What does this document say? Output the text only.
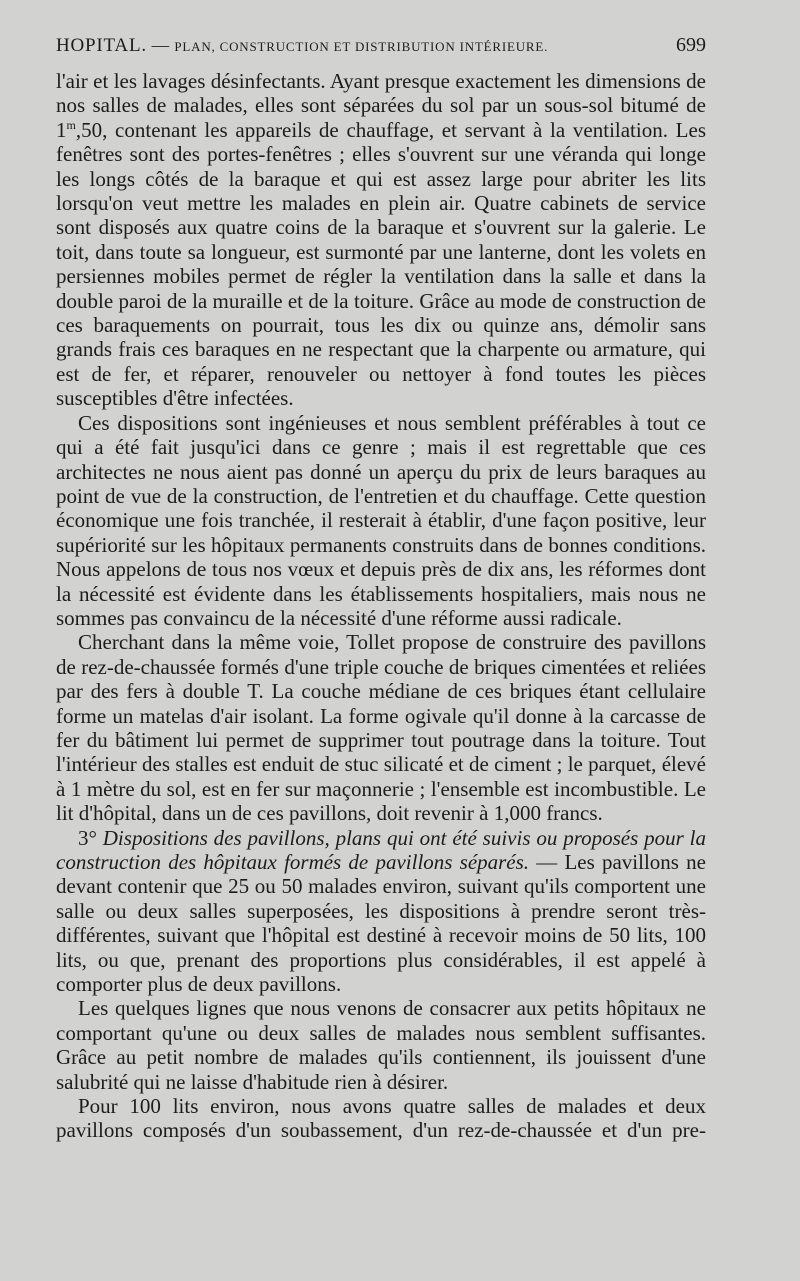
HOPITAL. — PLAN, CONSTRUCTION ET DISTRIBUTION INTÉRIEURE.	699

l'air et les lavages désinfectants. Ayant presque exactement les dimensions de nos salles de malades, elles sont séparées du sol par un sous-sol bitumé de 1$^m$,50, contenant les appareils de chauffage, et servant à la ventilation. Les fenêtres sont des portes-fenêtres ; elles s'ouvrent sur une véranda qui longe les longs côtés de la baraque et qui est assez large pour abriter les lits lorsqu'on veut mettre les malades en plein air. Quatre cabinets de service sont disposés aux quatre coins de la baraque et s'ouvrent sur la galerie. Le toit, dans toute sa longueur, est surmonté par une lanterne, dont les volets en persiennes mobiles permet de régler la ventilation dans la salle et dans la double paroi de la muraille et de la toiture. Grâce au mode de construction de ces baraquements on pourrait, tous les dix ou quinze ans, démolir sans grands frais ces baraques en ne respectant que la charpente ou armature, qui est de fer, et réparer, renouveler ou nettoyer à fond toutes les pièces susceptibles d'être infectées.

Ces dispositions sont ingénieuses et nous semblent préférables à tout ce qui a été fait jusqu'ici dans ce genre ; mais il est regrettable que ces architectes ne nous aient pas donné un aperçu du prix de leurs baraques au point de vue de la construction, de l'entretien et du chauffage. Cette question économique une fois tranchée, il resterait à établir, d'une façon positive, leur supériorité sur les hôpitaux permanents construits dans de bonnes conditions. Nous appelons de tous nos vœux et depuis près de dix ans, les réformes dont la nécessité est évidente dans les établissements hospitaliers, mais nous ne sommes pas convaincu de la nécessité d'une réforme aussi radicale.

Cherchant dans la même voie, Tollet propose de construire des pavillons de rez-de-chaussée formés d'une triple couche de briques cimentées et reliées par des fers à double T. La couche médiane de ces briques étant cellulaire forme un matelas d'air isolant. La forme ogivale qu'il donne à la carcasse de fer du bâtiment lui permet de supprimer tout poutrage dans la toiture. Tout l'intérieur des stalles est enduit de stuc silicaté et de ciment ; le parquet, élevé à 1 mètre du sol, est en fer sur maçonnerie ; l'ensemble est incombustible. Le lit d'hôpital, dans un de ces pavillons, doit revenir à 1,000 francs.

3° Dispositions des pavillons, plans qui ont été suivis ou proposés pour la construction des hôpitaux formés de pavillons séparés. — Les pavillons ne devant contenir que 25 ou 50 malades environ, suivant qu'ils comportent une salle ou deux salles superposées, les dispositions à prendre seront très-différentes, suivant que l'hôpital est destiné à recevoir moins de 50 lits, 100 lits, ou que, prenant des proportions plus considérables, il est appelé à comporter plus de deux pavillons.

Les quelques lignes que nous venons de consacrer aux petits hôpitaux ne comportant qu'une ou deux salles de malades nous semblent suffisantes. Grâce au petit nombre de malades qu'ils contiennent, ils jouissent d'une salubrité qui ne laisse d'habitude rien à désirer.

Pour 100 lits environ, nous avons quatre salles de malades et deux pavillons composés d'un soubassement, d'un rez-de-chaussée et d'un pre-
